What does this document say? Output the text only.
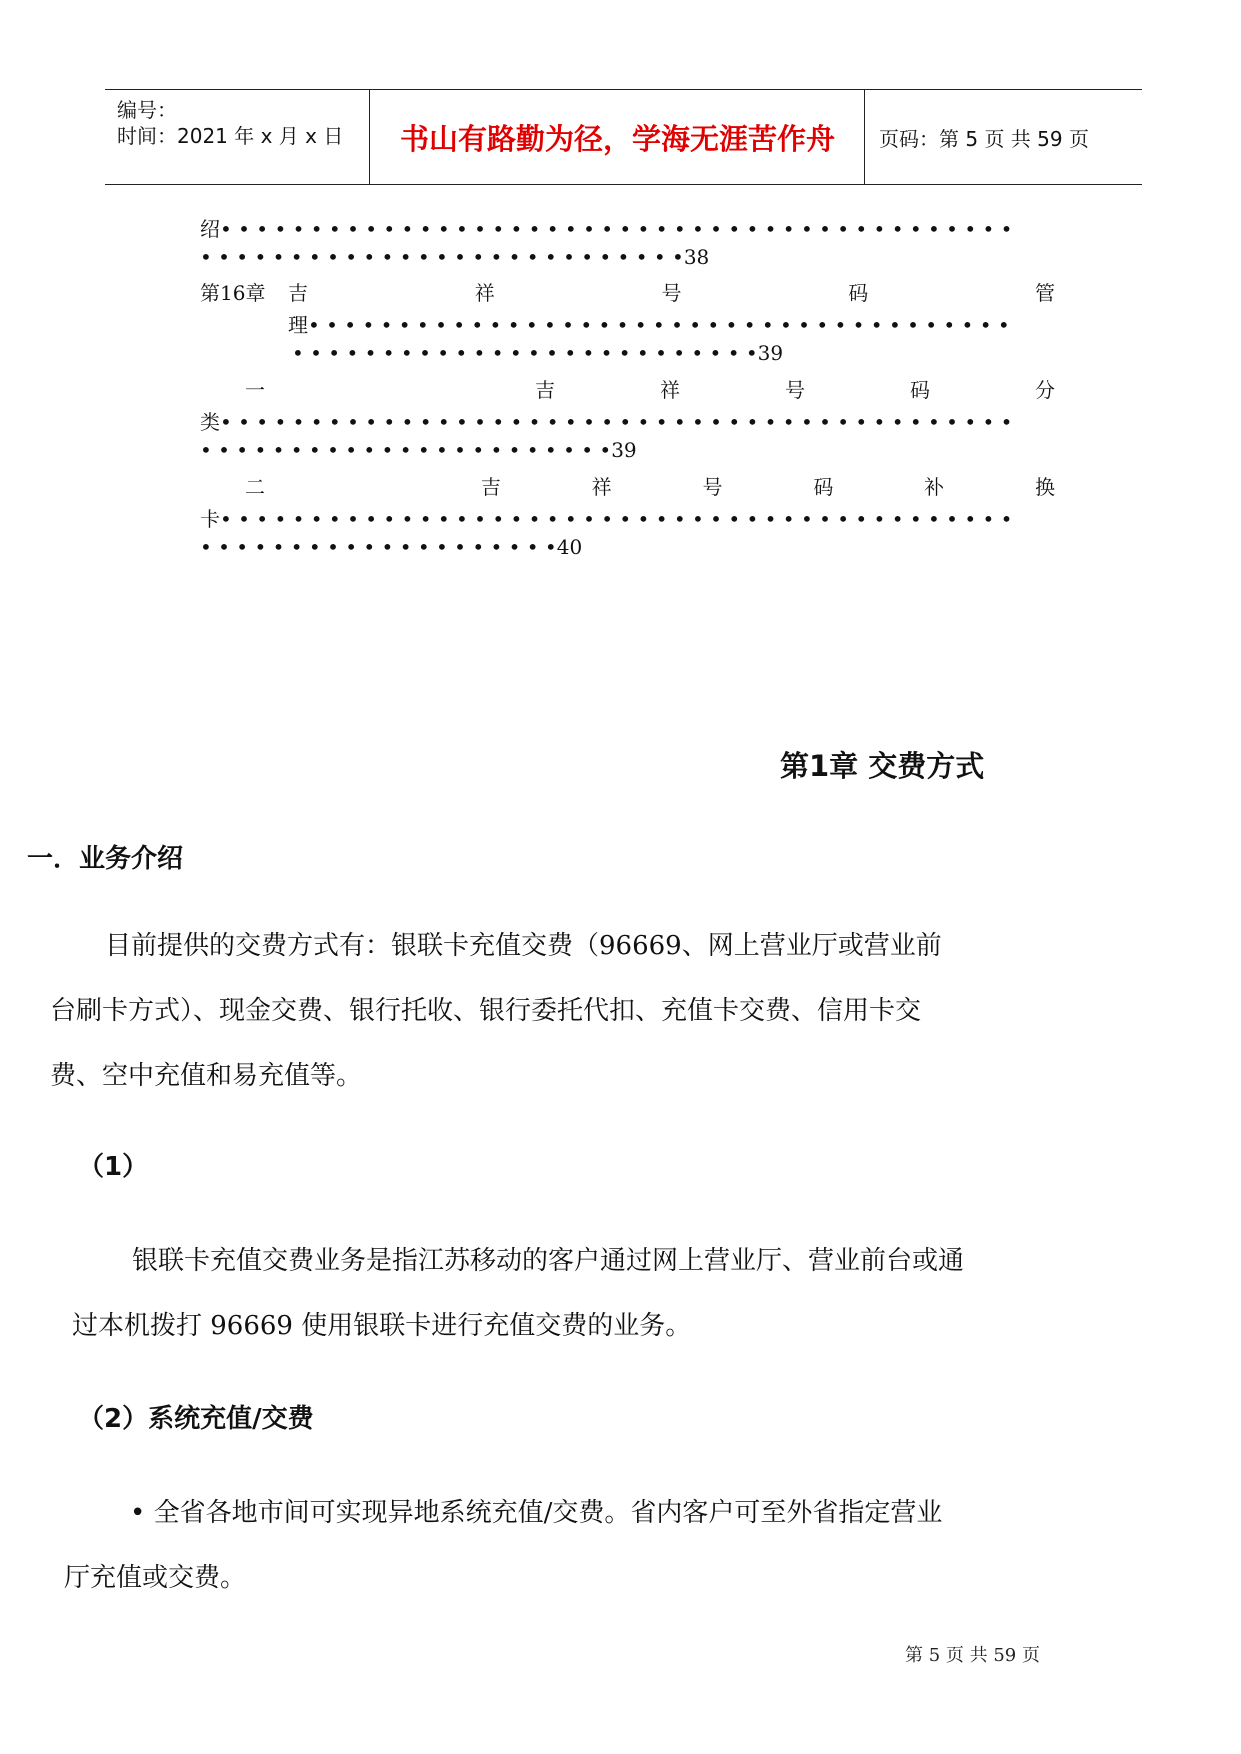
编号：
时间：2021 年 x 月 x 日	书山有路勤为径，学海无涯苦作舟	页码：第 5 页 共 59 页
绍• • • • • • • • • • • • • • • • • • • • • • • • • • • • • • • • • • • • • • • • • • • •
• • • • • • • • • • • • • • • • • • • • • • • • • • •38
第16章 吉	祥	号	码	管
理• • • • • • • • • • • • • • • • • • • • • • • • • • • • • • • • • • • • • • •
• • • • • • • • • • • • • • • • • • • • • • • • • •39
一	吉	祥	号	码	分
类• • • • • • • • • • • • • • • • • • • • • • • • • • • • • • • • • • • • • • • • • • • •
• • • • • • • • • • • • • • • • • • • • • • •39
二	吉	祥	号	码	补	换
卡• • • • • • • • • • • • • • • • • • • • • • • • • • • • • • • • • • • • • • • • • • • •
• • • • • • • • • • • • • • • • • • • •40
第1章 交费方式
一．业务介绍
目前提供的交费方式有：银联卡充值交费（96669、网上营业厅或营业前
台刷卡方式）、现金交费、银行托收、银行委托代扣、充值卡交费、信用卡交
费、空中充值和易充值等。
（1）
银联卡充值交费业务是指江苏移动的客户通过网上营业厅、营业前台或通
过本机拨打 96669 使用银联卡进行充值交费的业务。
（2）系统充值/交费
• 全省各地市间可实现异地系统充值/交费。省内客户可至外省指定营业
厅充值或交费。
第 5 页 共 59 页
